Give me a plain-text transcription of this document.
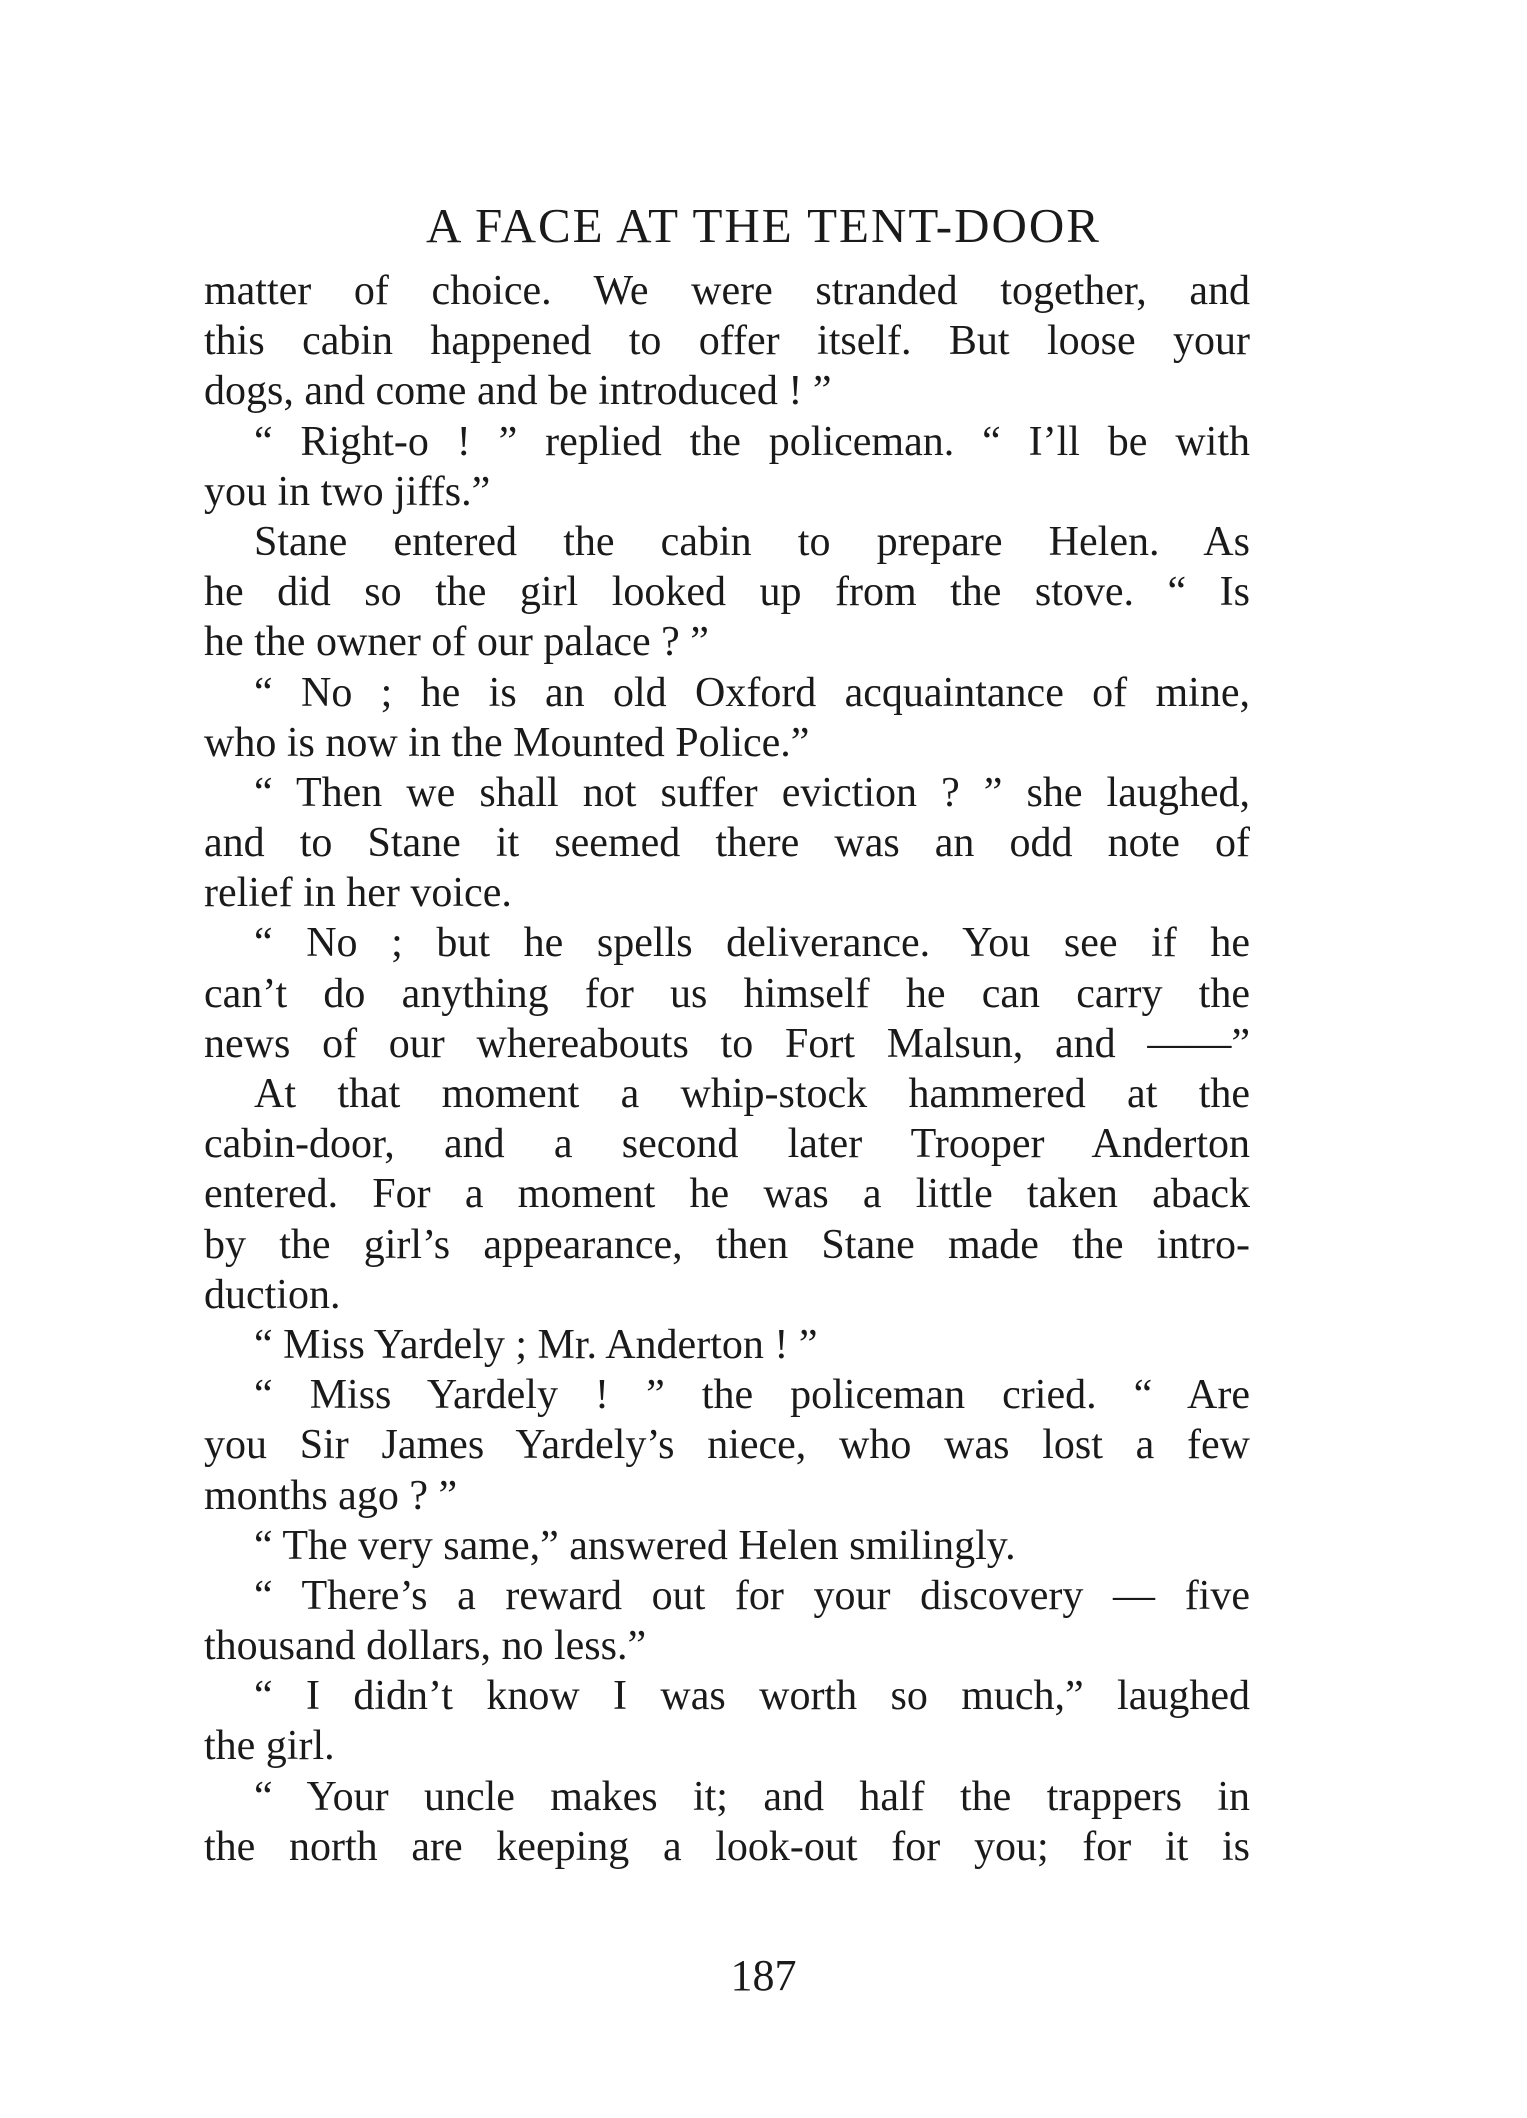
A FACE AT THE TENT-DOOR
matter of choice. We were stranded together, and
this cabin happened to offer itself. But loose your
dogs, and come and be introduced ! ”
“ Right-o ! ” replied the policeman. “ I’ll be with
you in two jiffs.”
Stane entered the cabin to prepare Helen. As
he did so the girl looked up from the stove. “ Is
he the owner of our palace ? ”
“ No ; he is an old Oxford acquaintance of mine,
who is now in the Mounted Police.”
“ Then we shall not suffer eviction ? ” she laughed,
and to Stane it seemed there was an odd note of
relief in her voice.
“ No ; but he spells deliverance. You see if he
can’t do anything for us himself he can carry the
news of our whereabouts to Fort Malsun, and ——”
At that moment a whip-stock hammered at the
cabin-door, and a second later Trooper Anderton
entered. For a moment he was a little taken aback
by the girl’s appearance, then Stane made the intro-
duction.
“ Miss Yardely ; Mr. Anderton ! ”
“ Miss Yardely ! ” the policeman cried. “ Are
you Sir James Yardely’s niece, who was lost a few
months ago ? ”
“ The very same,” answered Helen smilingly.
“ There’s a reward out for your discovery — five
thousand dollars, no less.”
“ I didn’t know I was worth so much,” laughed
the girl.
“ Your uncle makes it; and half the trappers in
the north are keeping a look-out for you; for it is
187
